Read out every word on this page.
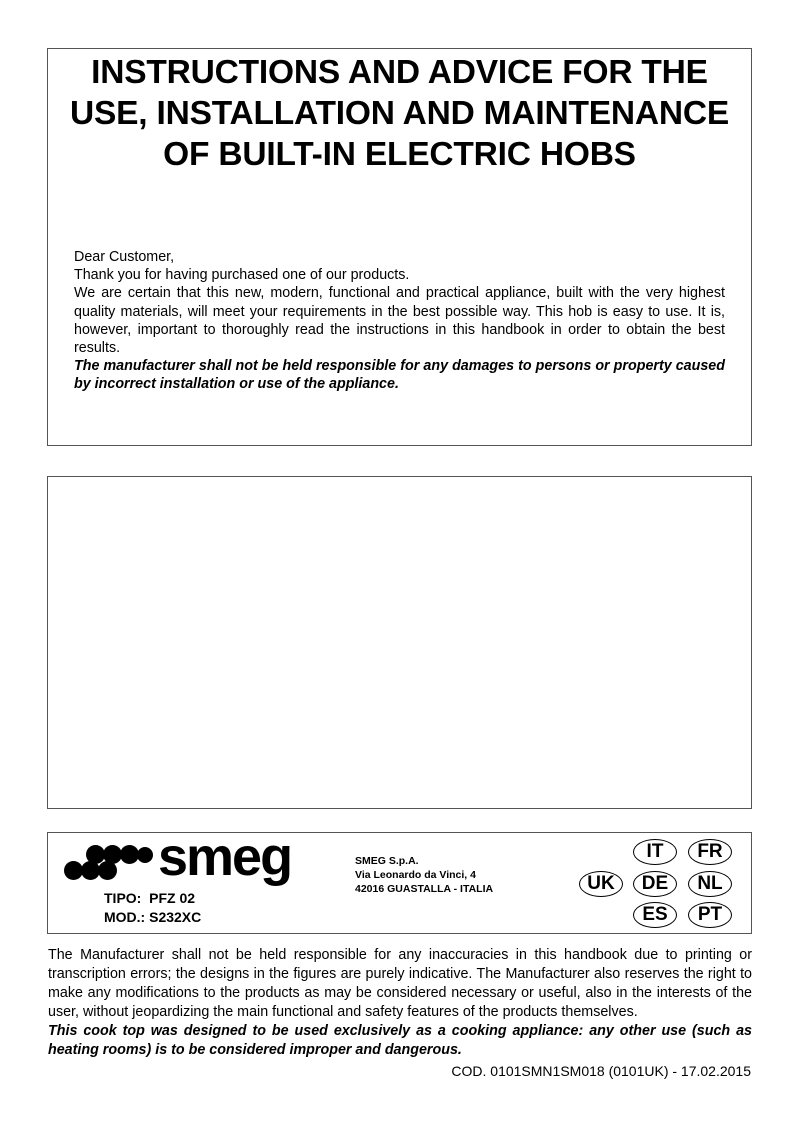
INSTRUCTIONS AND ADVICE FOR THE
USE, INSTALLATION AND MAINTENANCE
OF BUILT-IN ELECTRIC HOBS

Dear Customer,

Thank you for having purchased one of our products.

We are certain that this new, modern, functional and practical appliance, built with the very highest quality materials, will meet your requirements in the best possible way. This hob is easy to use. It is, however, important to thoroughly read the instructions in this handbook in order to obtain the best results.

The manufacturer shall not be held responsible for any damages to persons or property caused by incorrect installation or use of the appliance.

smeg
TIPO:  PFZ 02
MOD.: S232XC
SMEG S.p.A.
Via Leonardo da Vinci, 4
42016 GUASTALLA - ITALIA
IT	FR
UK	DE	NL
ES	PT

The Manufacturer shall not be held responsible for any inaccuracies in this handbook due to printing or transcription errors; the designs in the figures are purely indicative. The Manufacturer also reserves the right to make any modifications to the products as may be considered necessary or useful, also in the interests of the user, without jeopardizing the main functional and safety features of the products themselves.

This cook top was designed to be used exclusively as a cooking appliance: any other use (such as heating rooms) is to be considered improper and dangerous.

COD. 0101SMN1SM018 (0101UK) - 17.02.2015
